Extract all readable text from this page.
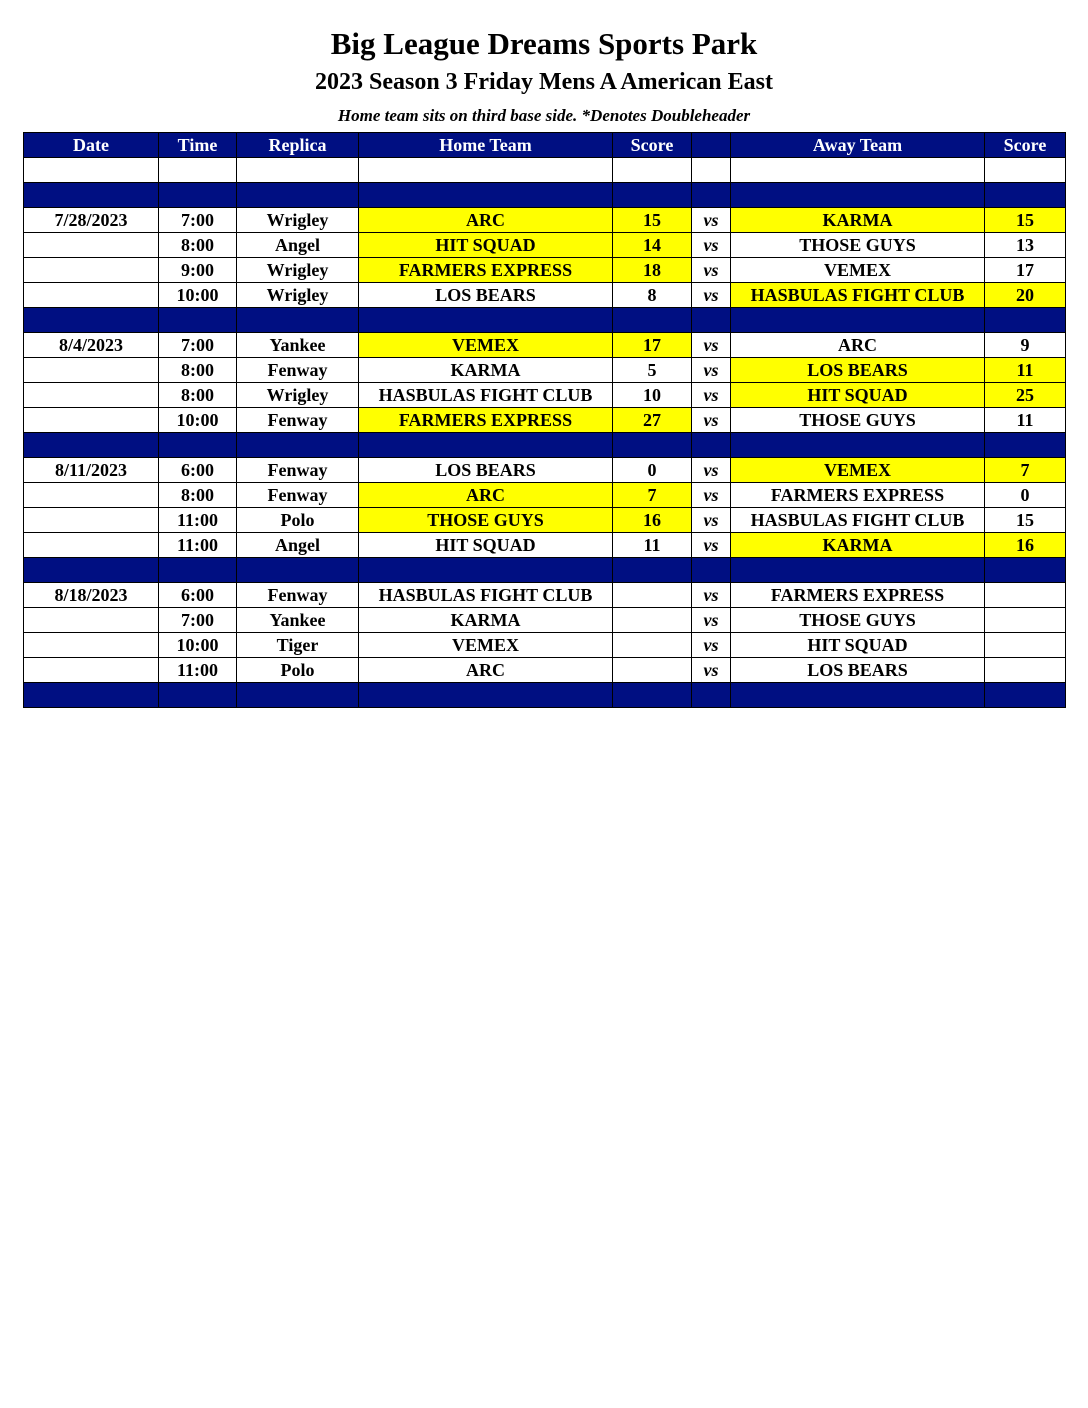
Big League Dreams Sports Park
2023 Season 3 Friday Mens A American East
Home team sits on third base side. *Denotes Doubleheader
Date	Time	Replica	Home Team	Score		Away Team	Score

7/28/2023	7:00	Wrigley	ARC	15	vs	KARMA	15
	8:00	Angel	HIT SQUAD	14	vs	THOSE GUYS	13
	9:00	Wrigley	FARMERS EXPRESS	18	vs	VEMEX	17
	10:00	Wrigley	LOS BEARS	8	vs	HASBULAS FIGHT CLUB	20

8/4/2023	7:00	Yankee	VEMEX	17	vs	ARC	9
	8:00	Fenway	KARMA	5	vs	LOS BEARS	11
	8:00	Wrigley	HASBULAS FIGHT CLUB	10	vs	HIT SQUAD	25
	10:00	Fenway	FARMERS EXPRESS	27	vs	THOSE GUYS	11

8/11/2023	6:00	Fenway	LOS BEARS	0	vs	VEMEX	7
	8:00	Fenway	ARC	7	vs	FARMERS EXPRESS	0
	11:00	Polo	THOSE GUYS	16	vs	HASBULAS FIGHT CLUB	15
	11:00	Angel	HIT SQUAD	11	vs	KARMA	16

8/18/2023	6:00	Fenway	HASBULAS FIGHT CLUB		vs	FARMERS EXPRESS	
	7:00	Yankee	KARMA		vs	THOSE GUYS	
	10:00	Tiger	VEMEX		vs	HIT SQUAD	
	11:00	Polo	ARC		vs	LOS BEARS	
